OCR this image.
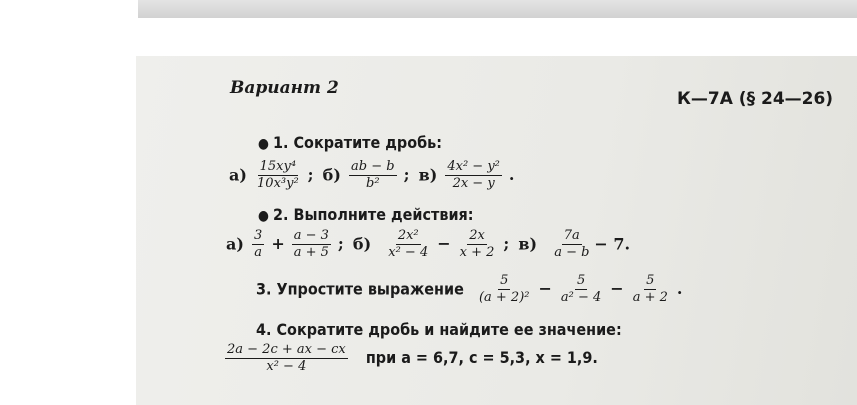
Вариант 2
К—7А (§ 24—26)
● 1. Сократите дробь:
$а) \frac{\text{15xy⁴}}{\text{10x³y²}}$ ; $б) \frac{ab - b}{\text{b²}}$ ; $в) \frac{\text{4x² − y²}}{2x - y}$ .
● 2. Выполните действия:
$а) \frac{3}{a} + \frac{a - 3}{a + 5}$ ; $б) \frac{\text{2x²}}{\text{x² − 4}} - \frac{2x}{x + 2}$ ; $в) \frac{7a}{a - b} - 7$.
3. Упростите выражение $\frac{5}{\text{(a + 2)²}} - \frac{5}{\text{a² − 4}} - \frac{5}{a + 2}$ .
4. Сократите дробь и найдите ее значение:
$\frac{2a - 2c + ax - cx}{\text{x² − 4}}$ при a = 6,7, c = 5,3, x = 1,9.
